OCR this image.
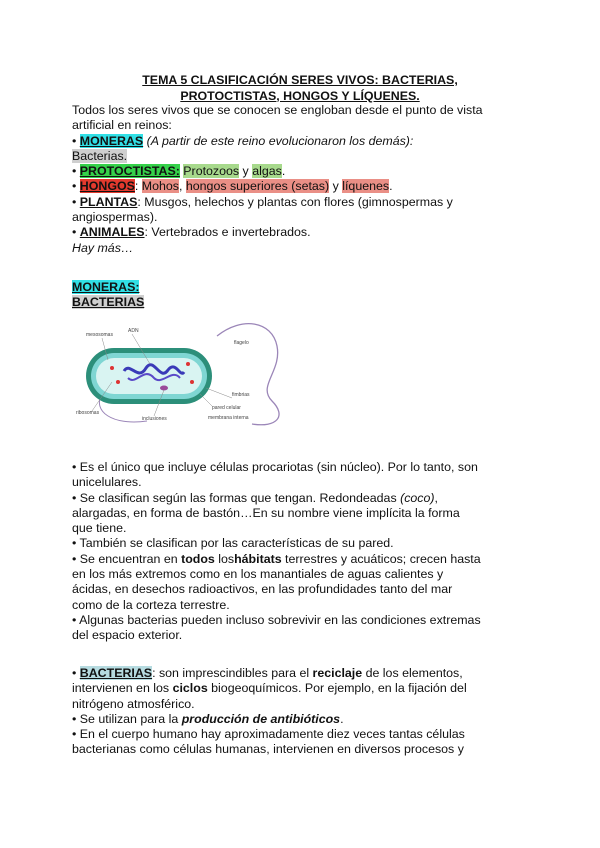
TEMA 5 CLASIFICACIÓN SERES VIVOS: BACTERIAS,
PROTOCTISTAS, HONGOS Y LÍQUENES.

Todos los seres vivos que se conocen se engloban desde el punto de vista

artificial en reinos:

• MONERAS (A partir de este reino evolucionaron los demás):

Bacterias.

• PROTOCTISTAS: Protozoos y algas.

• HONGOS: Mohos, hongos superiores (setas) y líquenes.

• PLANTAS: Musgos, helechos y plantas con flores (gimnospermas y

angiospermas).

• ANIMALES: Vertebrados e invertebrados.

Hay más…

MONERAS:

BACTERIAS

ADN
mesosomas
ribosomas
inclusiones
fimbrias
flagelo
pared celular
membrana interna

• Es el único que incluye células procariotas (sin núcleo). Por lo tanto, son

unicelulares.

• Se clasifican según las formas que tengan. Redondeadas (coco),

alargadas, en forma de bastón…En su nombre viene implícita la forma

que tiene.

• También se clasifican por las características de su pared.

• Se encuentran en todos loshábitats terrestres y acuáticos; crecen hasta

en los más extremos como en los manantiales de aguas calientes y

ácidas, en desechos radioactivos, en las profundidades tanto del mar

como de la corteza terrestre.

• Algunas bacterias pueden incluso sobrevivir en las condiciones extremas

del espacio exterior.

• BACTERIAS: son imprescindibles para el reciclaje de los elementos,

intervienen en los ciclos biogeoquímicos. Por ejemplo, en la fijación del

nitrógeno atmosférico.

• Se utilizan para la producción de antibióticos.

• En el cuerpo humano hay aproximadamente diez veces tantas células

bacterianas como células humanas, intervienen en diversos procesos y
